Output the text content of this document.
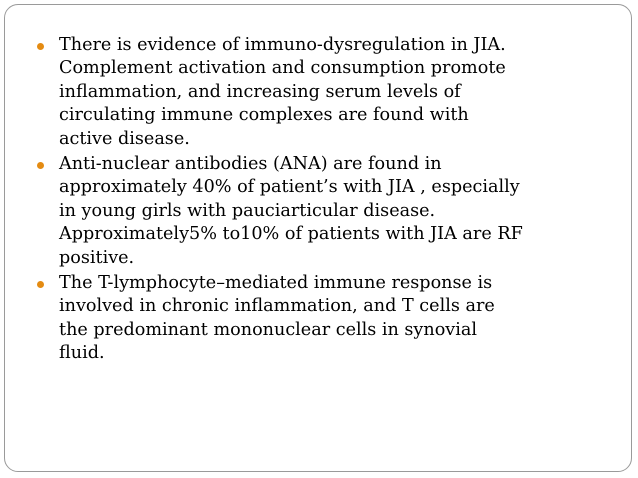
There is evidence of immuno-dysregulation in JIA.
Complement activation and consumption promote
inflammation, and increasing serum levels of
circulating immune complexes are found with
active disease.
Anti-nuclear antibodies (ANA) are found in
approximately 40% of patient’s with JIA , especially
in young girls with pauciarticular disease.
Approximately5% to10% of patients with JIA are RF
positive.
The T-lymphocyte–mediated immune response is
involved in chronic inflammation, and T cells are
the predominant mononuclear cells in synovial
fluid.
